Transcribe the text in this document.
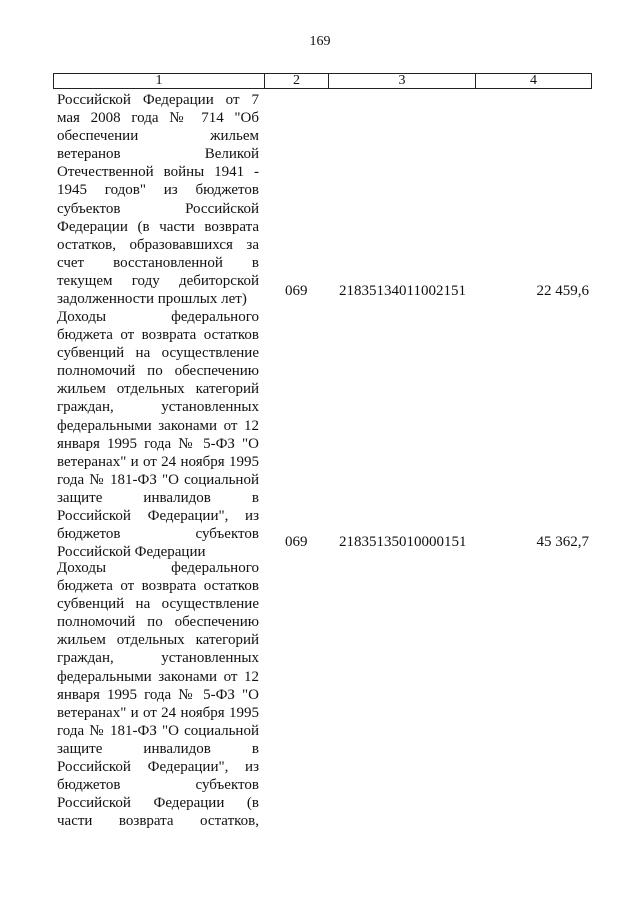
169
1	2	3	4
Российской Федерации от 7
мая 2008 года № 714 "Об
обеспечении жильем
ветеранов Великой
Отечественной войны 1941 -
1945 годов" из бюджетов
субъектов Российской
Федерации (в части возврата
остатков, образовавшихся за
счет восстановленной в
текущем году дебиторской
задолженности прошлых лет)
069 21835134011002151	22 459,6
Доходы федерального
бюджета от возврата остатков
субвенций на осуществление
полномочий по обеспечению
жильем отдельных категорий
граждан, установленных
федеральными законами от 12
января 1995 года № 5-ФЗ "О
ветеранах" и от 24 ноября 1995
года № 181-ФЗ "О социальной
защите инвалидов в
Российской Федерации", из
бюджетов субъектов
Российской Федерации
069 21835135010000151	45 362,7
Доходы федерального
бюджета от возврата остатков
субвенций на осуществление
полномочий по обеспечению
жильем отдельных категорий
граждан, установленных
федеральными законами от 12
января 1995 года № 5-ФЗ "О
ветеранах" и от 24 ноября 1995
года № 181-ФЗ "О социальной
защите инвалидов в
Российской Федерации", из
бюджетов субъектов
Российской Федерации (в
части возврата остатков,
